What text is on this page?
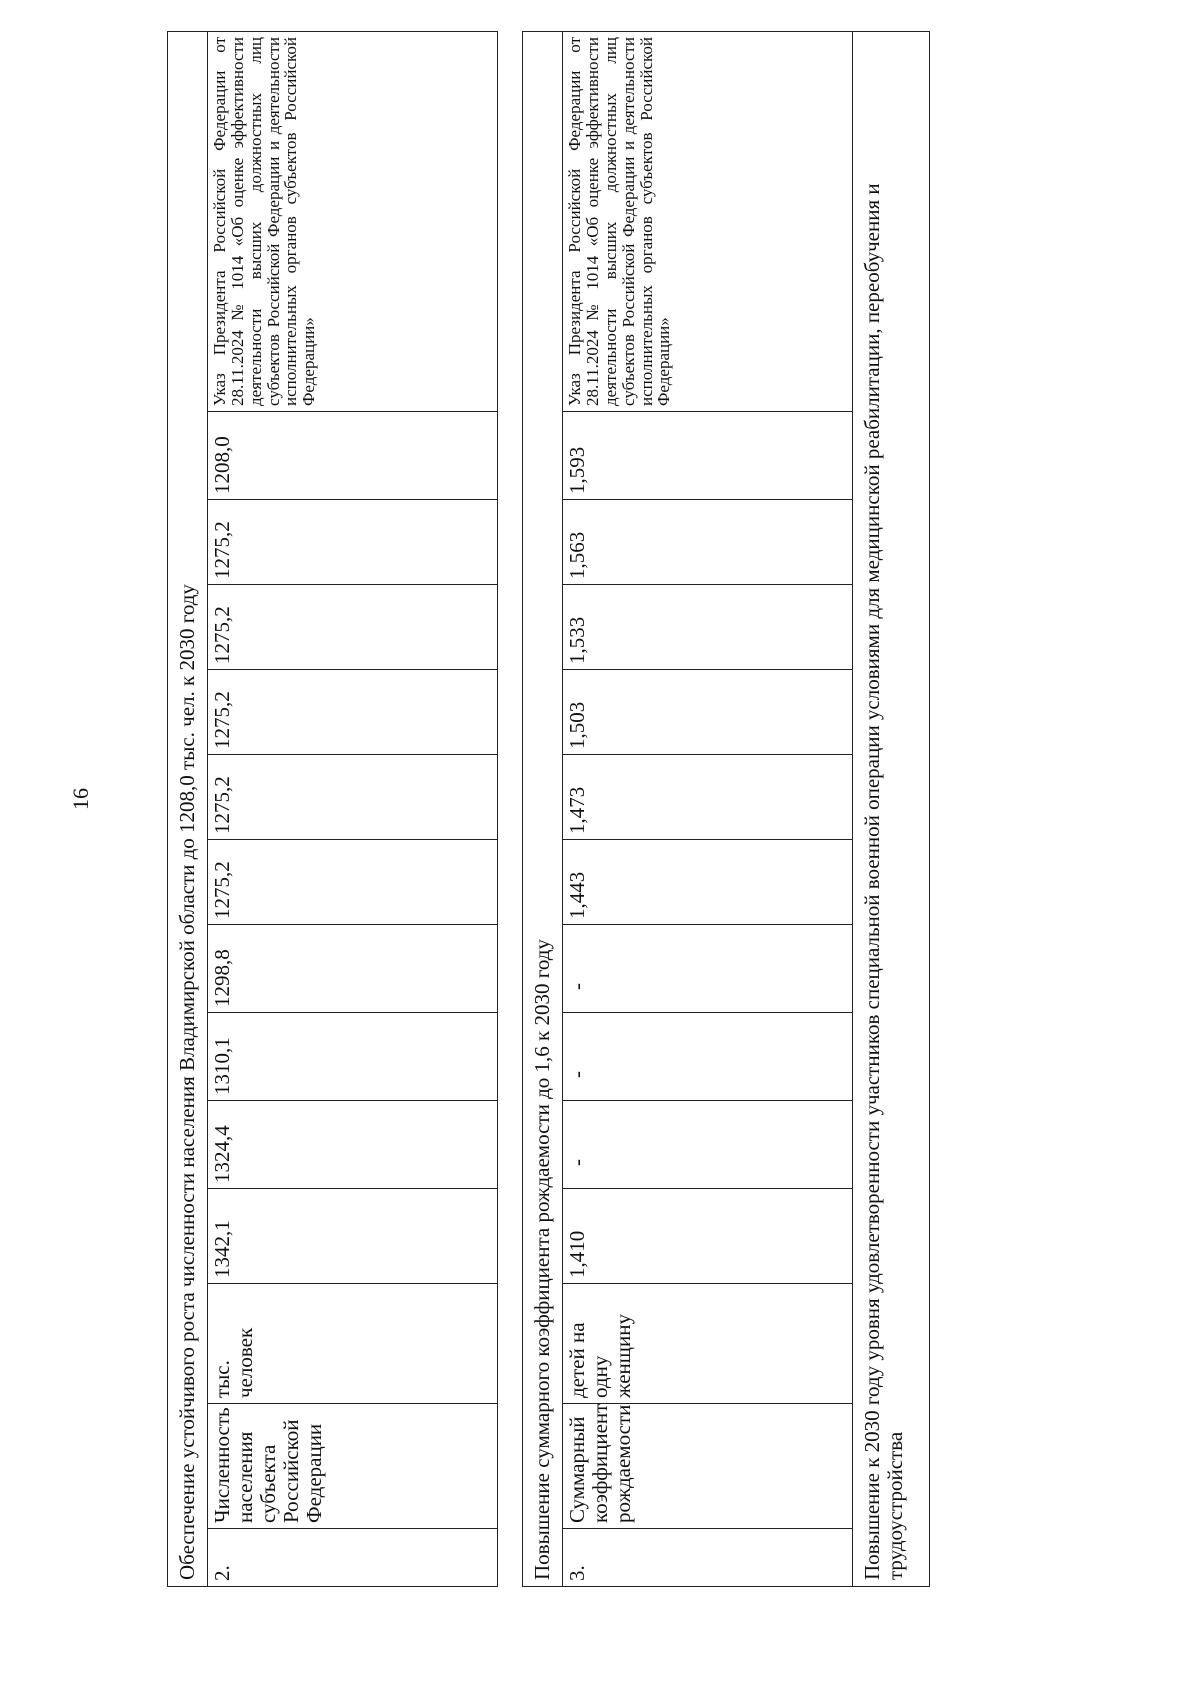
16	Обеспечение устойчивого роста численности населения Владимирской области до 1208,0 тыс. чел. к 2030 году													
2.	Численность населения субъекта Российской Федерации	тыс. человек	1342,1	1324,4	1310,1	1298,8	1275,2	1275,2	1275,2	1275,2	1275,2	1208,0	Указ Президента Российской Федерации от 28.11.2024 № 1014 «Об оценке эффективности деятельности высших должностных лиц субъектов Российской Федерации и деятельности исполнительных органов субъектов Российской Федерации»

Повышение суммарного коэффициента рождаемости до 1,6 к 2030 году													
3.	Суммарный коэффициент рождаемости	детей на одну женщину	1,410	-	-	-	1,443	1,473	1,503	1,533	1,563	1,593	Указ Президента Российской Федерации от 28.11.2024 № 1014 «Об оценке эффективности деятельности высших должностных лиц субъектов Российской Федерации и деятельности исполнительных органов субъектов Российской Федерации»
Повышение к 2030 году уровня удовлетворенности участников специальной военной операции условиями для медицинской реабилитации, переобучения и трудоустройства													
